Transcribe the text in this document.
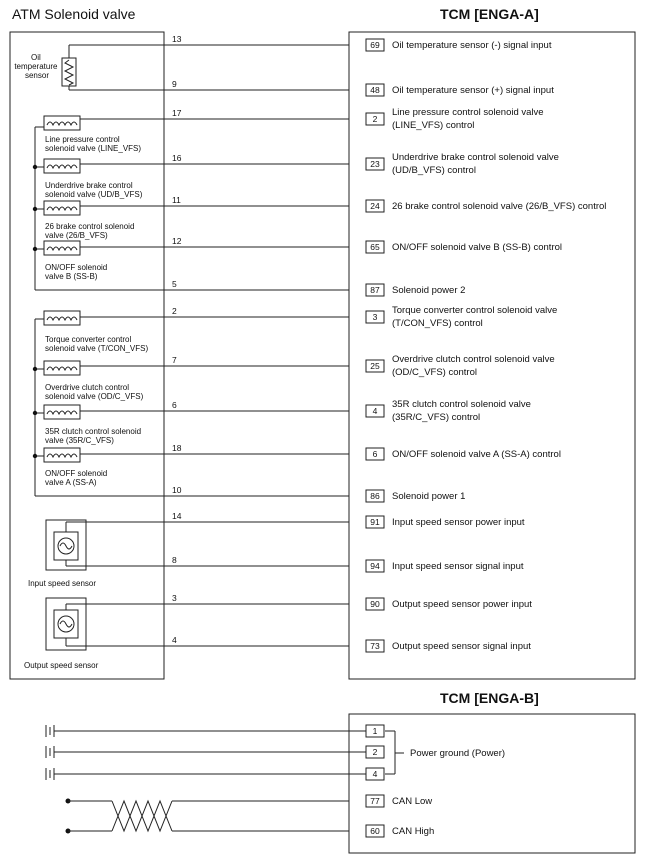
ATM Solenoid valve	TCM [ENGA-A]
TCM [ENGA-B]
13
69 Oil temperature sensor (-) signal input
9
48 Oil temperature sensor (+) signal input
17
2
Line pressure control solenoid valve (LINE_VFS) control
16
23
Underdrive brake control solenoid valve (UD/B_VFS) control
11
24 26 brake control solenoid valve (26/B_VFS) control
12
65 ON/OFF solenoid valve B (SS-B) control
5
87 Solenoid power 2
2
3
Torque converter control solenoid valve (T/CON_VFS) control
7
25
Overdrive clutch control solenoid valve (OD/C_VFS) control
6
4
35R clutch control solenoid valve (35R/C_VFS) control
18
6 ON/OFF solenoid valve A (SS-A) control
10
86 Solenoid power 1
14
91 Input speed sensor power input
8
94 Input speed sensor signal input
3
90 Output speed sensor power input
4
73 Output speed sensor signal input
Oil temperature sensor
Line pressure control solenoid valve (LINE_VFS)
Underdrive brake control solenoid valve (UD/B_VFS)
26 brake control solenoid valve (26/B_VFS)
ON/OFF solenoid valve B (SS-B)
Torque converter control solenoid valve (T/CON_VFS)
Overdrive clutch control solenoid valve (OD/C_VFS)
35R clutch control solenoid valve (35R/C_VFS)
ON/OFF solenoid valve A (SS-A)
Input speed sensor
Output speed sensor
Power ground (Power)
1
2
4
77 CAN Low
60 CAN High
